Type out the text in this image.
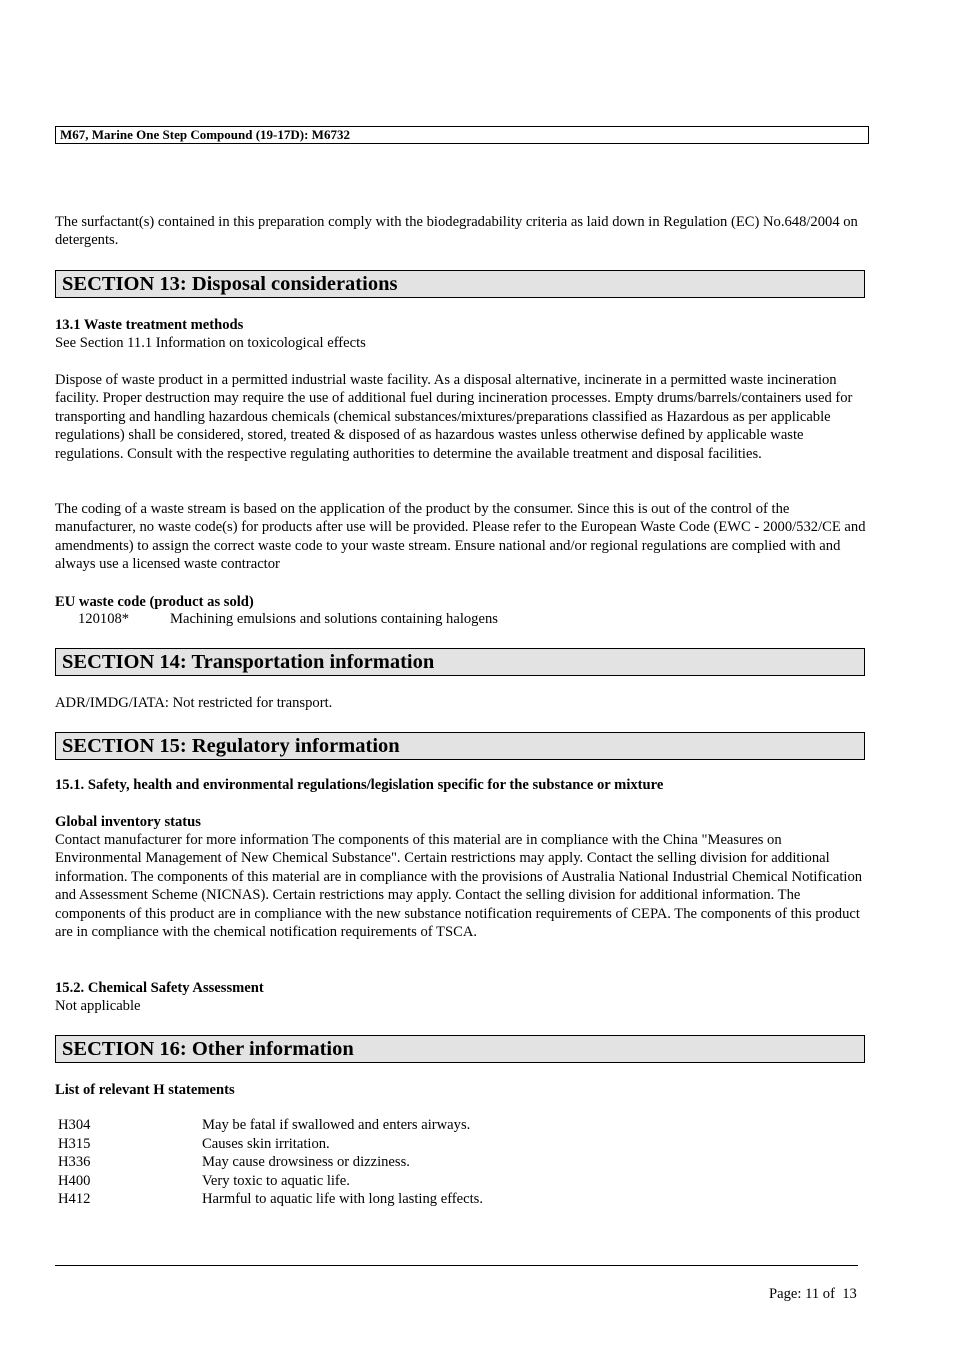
M67, Marine One Step Compound (19-17D): M6732
The surfactant(s) contained in this preparation comply with the biodegradability criteria as laid down in Regulation (EC) No.648/2004 on detergents.
SECTION 13: Disposal considerations
13.1 Waste treatment methods
See Section 11.1 Information on toxicological effects
Dispose of waste product in a permitted industrial waste facility. As a disposal alternative, incinerate in a permitted waste incineration facility. Proper destruction may require the use of additional fuel during incineration processes. Empty drums/barrels/containers used for transporting and handling hazardous chemicals (chemical substances/mixtures/preparations classified as Hazardous as per applicable regulations) shall be considered, stored, treated & disposed of as hazardous wastes unless otherwise defined by applicable waste regulations. Consult with the respective regulating authorities to determine the available treatment and disposal facilities.
The coding of a waste stream is based on the application of the product by the consumer. Since this is out of the control of the manufacturer, no waste code(s) for products after use will be provided. Please refer to the European Waste Code (EWC - 2000/532/CE and amendments) to assign the correct waste code to your waste stream. Ensure national and/or regional regulations are complied with and always use a licensed waste contractor
EU waste code (product as sold)
120108*	Machining emulsions and solutions containing halogens
SECTION 14: Transportation information
ADR/IMDG/IATA: Not restricted for transport.
SECTION 15: Regulatory information
15.1. Safety, health and environmental regulations/legislation specific for the substance or mixture
Global inventory status
Contact manufacturer for more information The components of this material are in compliance with the China "Measures on Environmental Management of New Chemical Substance". Certain restrictions may apply. Contact the selling division for additional information. The components of this material are in compliance with the provisions of Australia National Industrial Chemical Notification and Assessment Scheme (NICNAS). Certain restrictions may apply. Contact the selling division for additional information. The components of this product are in compliance with the new substance notification requirements of CEPA. The components of this product are in compliance with the chemical notification requirements of TSCA.
15.2. Chemical Safety Assessment
Not applicable
SECTION 16: Other information
List of relevant H statements
H304	May be fatal if swallowed and enters airways.
H315	Causes skin irritation.
H336	May cause drowsiness or dizziness.
H400	Very toxic to aquatic life.
H412	Harmful to aquatic life with long lasting effects.
Page: 11 of  13
